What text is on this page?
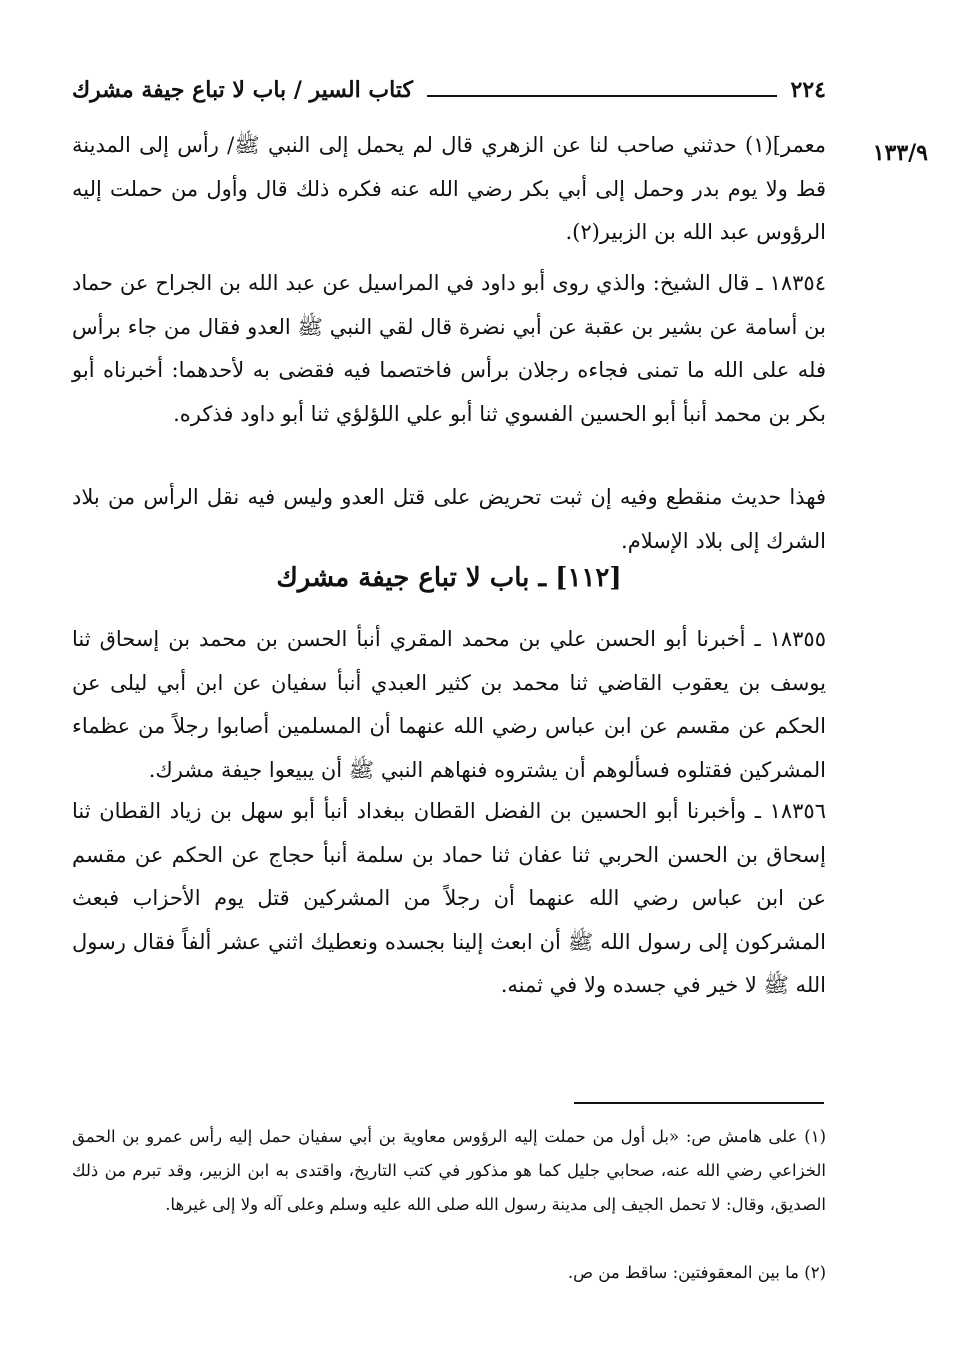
٢٢٤
كتاب السير / باب لا تباع جيفة مشرك
١٣٣/٩

معمر](١) حدثني صاحب لنا عن الزهري قال لم يحمل إلى النبي ﷺ/ رأس إلى المدينة قط ولا يوم بدر وحمل إلى أبي بكر رضي الله عنه فكره ذلك قال وأول من حملت إليه الرؤوس عبد الله بن الزبير(٢).

١٨٣٥٤ ـ قال الشيخ: والذي روى أبو داود في المراسيل عن عبد الله بن الجراح عن حماد بن أسامة عن بشير بن عقبة عن أبي نضرة قال لقي النبي ﷺ العدو فقال من جاء برأس فله على الله ما تمنى فجاءه رجلان برأس فاختصما فيه فقضى به لأحدهما: أخبرناه أبو بكر بن محمد أنبأ أبو الحسين الفسوي ثنا أبو علي اللؤلؤي ثنا أبو داود فذكره.

فهذا حديث منقطع وفيه إن ثبت تحريض على قتل العدو وليس فيه نقل الرأس من بلاد الشرك إلى بلاد الإسلام.

[١١٢] ـ باب لا تباع جيفة مشرك

١٨٣٥٥ ـ أخبرنا أبو الحسن علي بن محمد المقري أنبأ الحسن بن محمد بن إسحاق ثنا يوسف بن يعقوب القاضي ثنا محمد بن كثير العبدي أنبأ سفيان عن ابن أبي ليلى عن الحكم عن مقسم عن ابن عباس رضي الله عنهما أن المسلمين أصابوا رجلاً من عظماء المشركين فقتلوه فسألوهم أن يشتروه فنهاهم النبي ﷺ أن يبيعوا جيفة مشرك.

١٨٣٥٦ ـ وأخبرنا أبو الحسين بن الفضل القطان ببغداد أنبأ أبو سهل بن زياد القطان ثنا إسحاق بن الحسن الحربي ثنا عفان ثنا حماد بن سلمة أنبأ حجاج عن الحكم عن مقسم عن ابن عباس رضي الله عنهما أن رجلاً من المشركين قتل يوم الأحزاب فبعث المشركون إلى رسول الله ﷺ أن ابعث إلينا بجسده ونعطيك اثني عشر ألفاً فقال رسول الله ﷺ لا خير في جسده ولا في ثمنه.

(١) على هامش ص: «بل أول من حملت إليه الرؤوس معاوية بن أبي سفيان حمل إليه رأس عمرو بن الحمق الخزاعي رضي الله عنه، صحابي جليل كما هو مذكور في كتب التاريخ، واقتدى به ابن الزبير، وقد تبرم من ذلك الصديق، وقال: لا تحمل الجيف إلى مدينة رسول الله صلى الله عليه وسلم وعلى آله ولا إلى غيرها.

(٢) ما بين المعقوفتين: ساقط من ص.
